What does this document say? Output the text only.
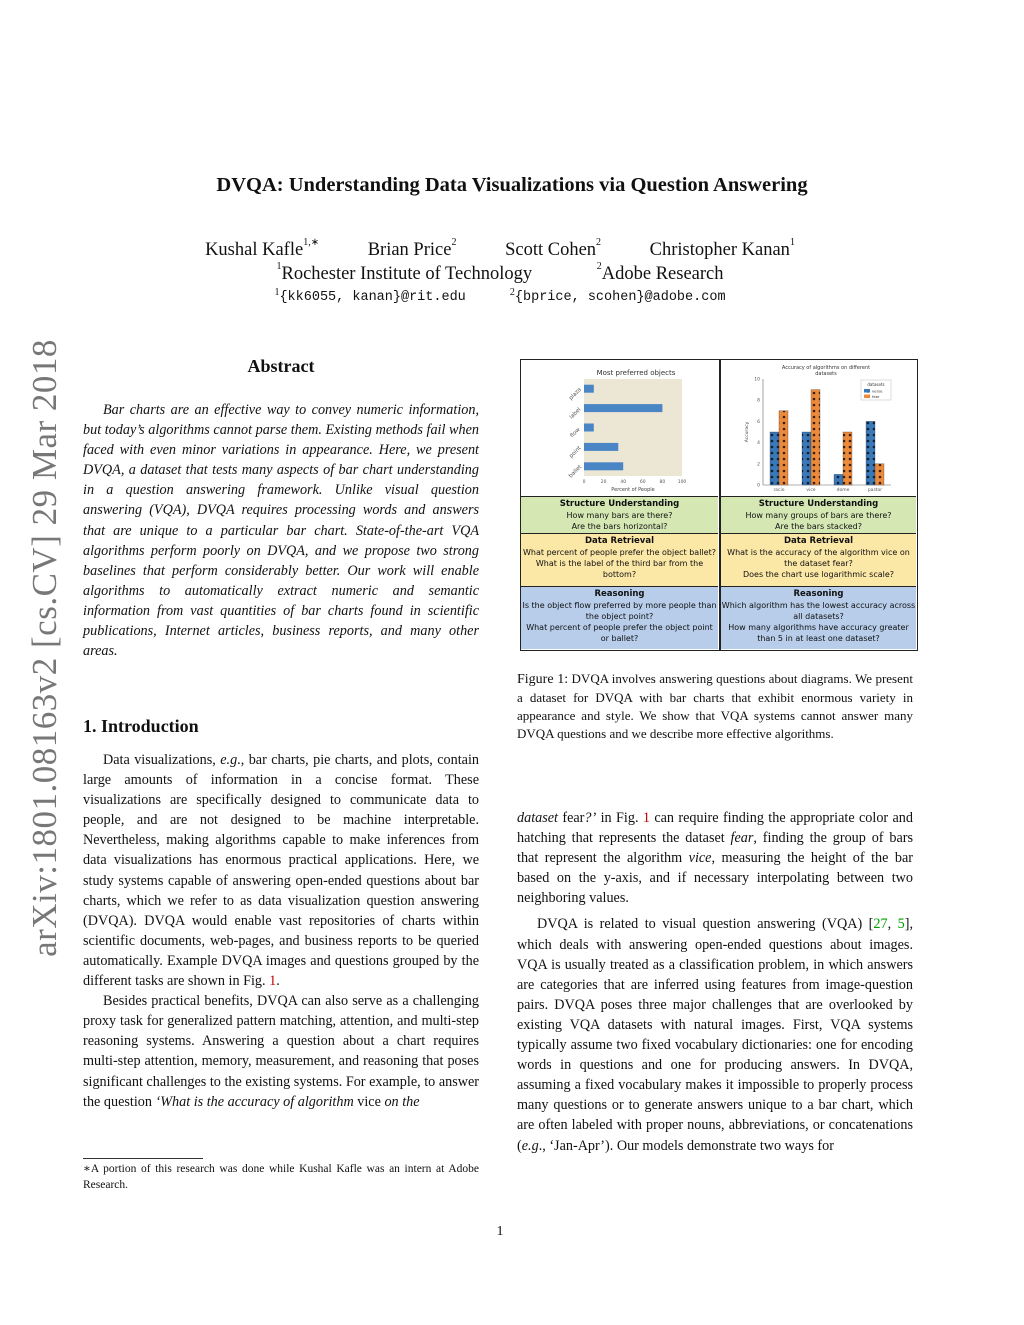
arXiv:1801.08163v2 [cs.CV] 29 Mar 2018
DVQA: Understanding Data Visualizations via Question Answering
Kushal Kafle$^{1,∗}$	Brian Price$^2$	Scott Cohen$^2$	Christopher Kanan$^1$
$^1$Rochester Institute of Technology	$^2$Adobe Research
$^1${kk6055, kanan}@rit.edu	$^2${bprice, scohen}@adobe.com
Abstract
Bar charts are an effective way to convey numeric information, but today’s algorithms cannot parse them. Existing methods fail when faced with even minor variations in appearance. Here, we present DVQA, a dataset that tests many aspects of bar chart understanding in a question answering framework. Unlike visual question answering (VQA), DVQA requires processing words and answers that are unique to a particular bar chart. State-of-the-art VQA algorithms perform poorly on DVQA, and we propose two strong baselines that perform considerably better. Our work will enable algorithms to automatically extract numeric and semantic information from vast quantities of bar charts found in scientific publications, Internet articles, business reports, and many other areas.
1. Introduction

Data visualizations, e.g., bar charts, pie charts, and plots, contain large amounts of information in a concise format. These visualizations are specifically designed to communicate data to people, and are not designed to be machine interpretable. Nevertheless, making algorithms capable to make inferences from data visualizations has enormous practical applications. Here, we study systems capable of answering open-ended questions about bar charts, which we refer to as data visualization question answering (DVQA). DVQA would enable vast repositories of charts within scientific documents, web-pages, and business reports to be queried automatically. Example DVQA images and questions grouped by the different tasks are shown in Fig. 1.

Besides practical benefits, DVQA can also serve as a challenging proxy task for generalized pattern matching, attention, and multi-step reasoning systems. Answering a question about a chart requires multi-step attention, memory, measurement, and reasoning that poses significant challenges to the existing systems. For example, to answer the question ‘What is the accuracy of algorithm vice on the

∗A portion of this research was done while Kushal Kafle was an intern at Adobe Research.
Most preferred objects
plaza
label
flow
point
ballet
0	20	40	60	80	100
Percent of People
Structure Understanding
How many bars are there?
Are the bars horizontal?
Data Retrieval
What percent of people prefer the object ballet?
What is the label of the third bar from the bottom?
Reasoning
Is the object flow preferred by more people than the object point?
What percent of people prefer the object point or ballet?
Accuracy of algorithms on different
datasets
0
2
4
6
8
10
racio	vice	dome	pastor
Accuracy
datasets
verse
fear
Structure Understanding
How many groups of bars are there?
Are the bars stacked?
Data Retrieval
What is the accuracy of the algorithm vice on the dataset fear?
Does the chart use logarithmic scale?
Reasoning
Which algorithm has the lowest accuracy across all datasets?
How many algorithms have accuracy greater than 5 in at least one dataset?
Figure 1: DVQA involves answering questions about diagrams. We present a dataset for DVQA with bar charts that exhibit enormous variety in appearance and style. We show that VQA systems cannot answer many DVQA questions and we describe more effective algorithms.

dataset fear?’ in Fig. 1 can require finding the appropriate color and hatching that represents the dataset fear, finding the group of bars that represent the algorithm vice, measuring the height of the bar based on the y-axis, and if necessary interpolating between two neighboring values.

DVQA is related to visual question answering (VQA) [27, 5], which deals with answering open-ended questions about images. VQA is usually treated as a classification problem, in which answers are categories that are inferred using features from image-question pairs. DVQA poses three major challenges that are overlooked by existing VQA datasets with natural images. First, VQA systems typically assume two fixed vocabulary dictionaries: one for encoding words in questions and one for producing answers. In DVQA, assuming a fixed vocabulary makes it impossible to properly process many questions or to generate answers unique to a bar chart, which are often labeled with proper nouns, abbreviations, or concatenations (e.g., ‘Jan-Apr’). Our models demonstrate two ways for

1
